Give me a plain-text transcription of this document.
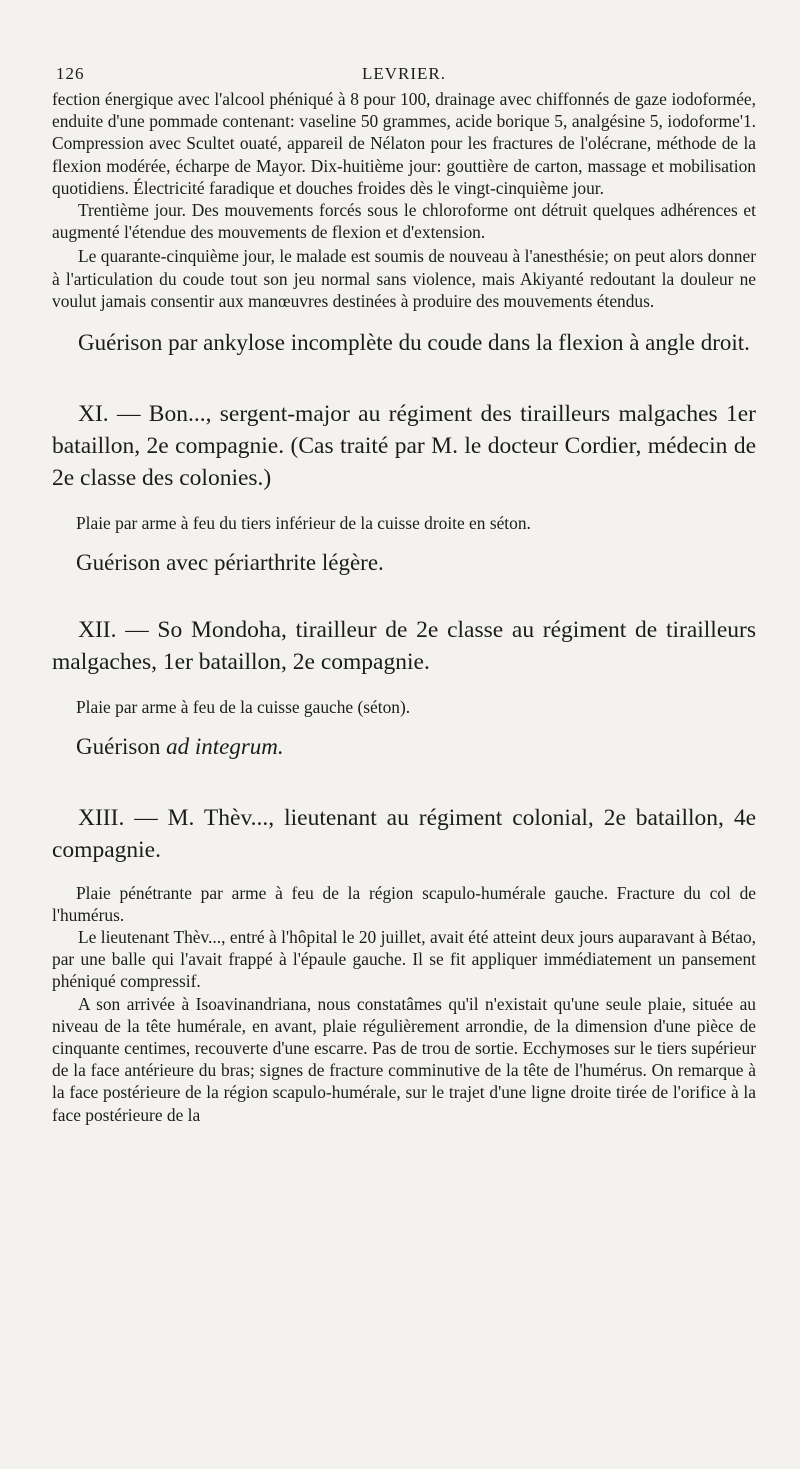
126	LEVRIER.

fection énergique avec l'alcool phéniqué à 8 pour 100, drainage avec chiffonnés de gaze iodoformée, enduite d'une pommade contenant: vaseline 50 grammes, acide borique 5, analgésine 5, iodoforme'1. Compression avec Scultet ouaté, appareil de Nélaton pour les fractures de l'olécrane, méthode de la flexion modérée, écharpe de Mayor. Dix-huitième jour: gouttière de carton, massage et mobilisation quotidiens. Électricité faradique et douches froides dès le vingt-cinquième jour.

Trentième jour. Des mouvements forcés sous le chloroforme ont détruit quelques adhérences et augmenté l'étendue des mouvements de flexion et d'extension.

Le quarante-cinquième jour, le malade est soumis de nouveau à l'anesthésie; on peut alors donner à l'articulation du coude tout son jeu normal sans violence, mais Akiyanté redoutant la douleur ne voulut jamais consentir aux manœuvres destinées à produire des mouvements étendus.

Guérison par ankylose incomplète du coude dans la flexion à angle droit.

XI. — Bon..., sergent-major au régiment des tirailleurs malgaches 1er bataillon, 2e compagnie. (Cas traité par M. le docteur Cordier, médecin de 2e classe des colonies.)

Plaie par arme à feu du tiers inférieur de la cuisse droite en séton.

Guérison avec périarthrite légère.

XII. — So Mondoha, tirailleur de 2e classe au régiment de tirailleurs malgaches, 1er bataillon, 2e compagnie.

Plaie par arme à feu de la cuisse gauche (séton).

Guérison ad integrum.

XIII. — M. Thèv..., lieutenant au régiment colonial, 2e bataillon, 4e compagnie.

Plaie pénétrante par arme à feu de la région scapulo-humérale gauche. Fracture du col de l'humérus.

Le lieutenant Thèv..., entré à l'hôpital le 20 juillet, avait été atteint deux jours auparavant à Bétao, par une balle qui l'avait frappé à l'épaule gauche. Il se fit appliquer immédiatement un pansement phéniqué compressif.

A son arrivée à Isoavinandriana, nous constatâmes qu'il n'existait qu'une seule plaie, située au niveau de la tête humérale, en avant, plaie régulièrement arrondie, de la dimension d'une pièce de cinquante centimes, recouverte d'une escarre. Pas de trou de sortie. Ecchymoses sur le tiers supérieur de la face antérieure du bras; signes de fracture comminutive de la tête de l'humérus. On remarque à la face postérieure de la région scapulo-humérale, sur le trajet d'une ligne droite tirée de l'orifice à la face postérieure de la
